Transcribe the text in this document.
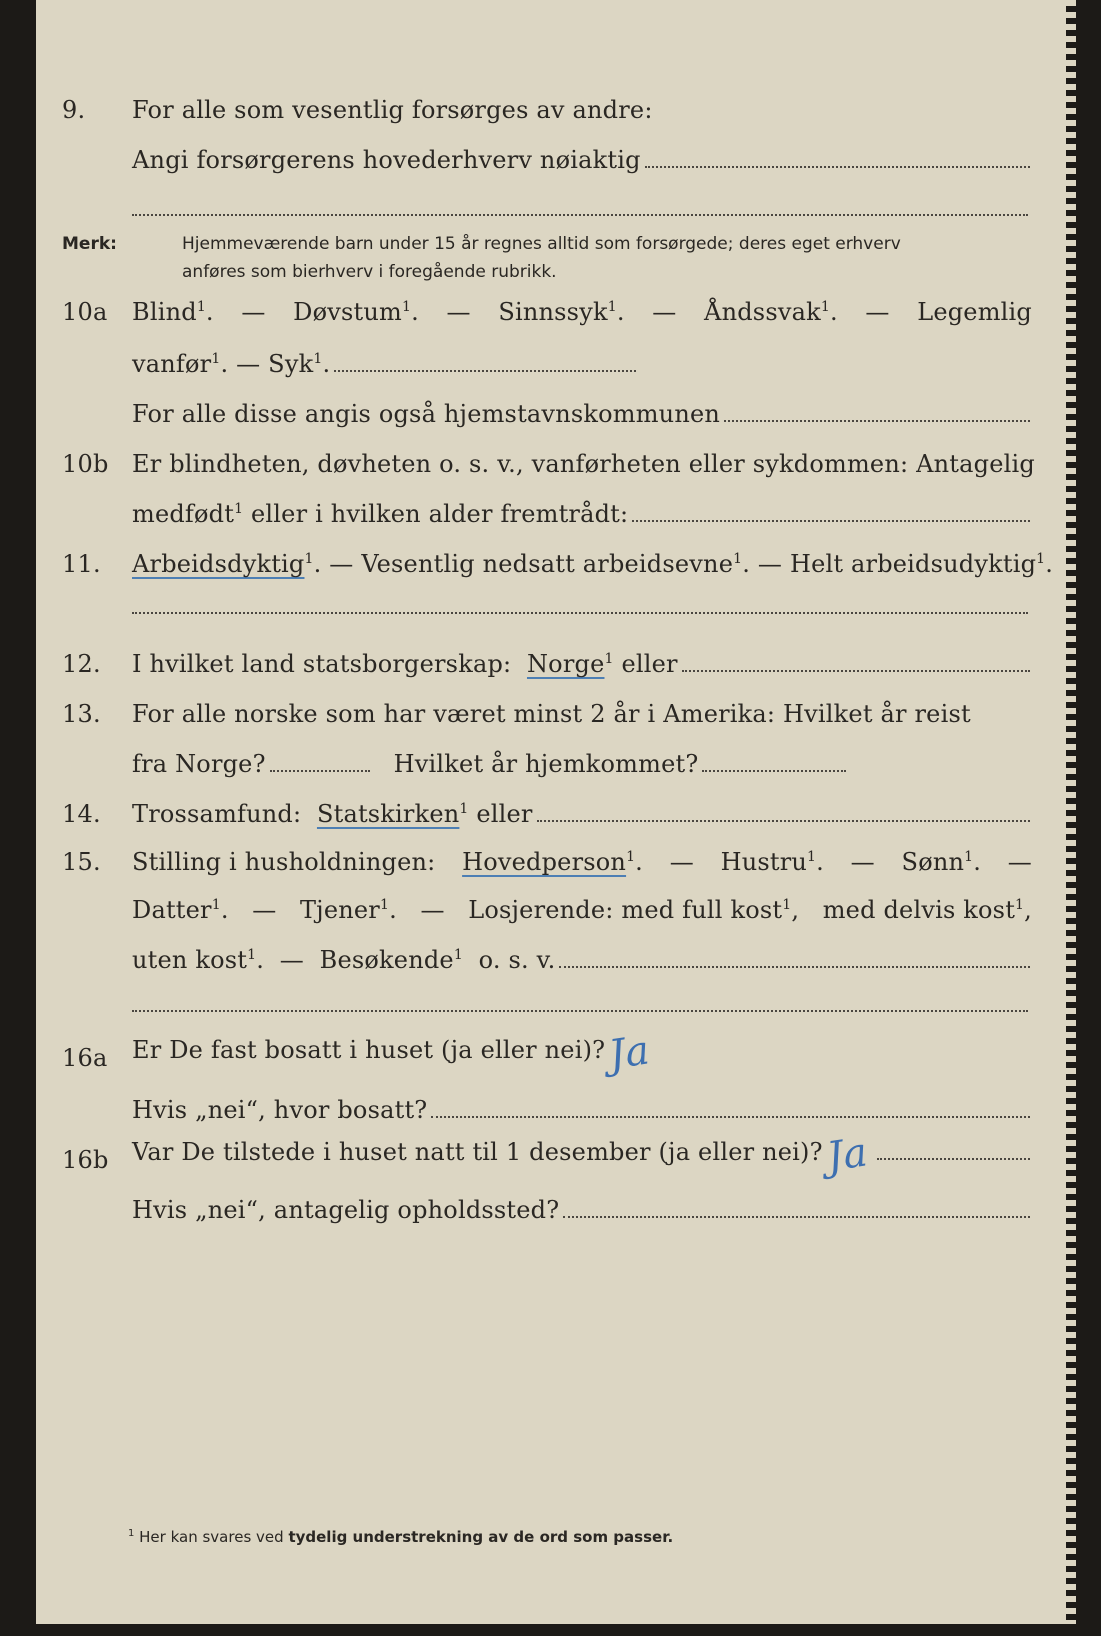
9. For alle som vesentlig forsørges av andre:
Angi forsørgerens hovederhverv nøiaktig
Merk:	Hjemmeværende barn under 15 år regnes alltid som forsørgede; deres eget erhverv
anføres som bierhverv i foregående rubrikk.
10a Blind$^1$. — Døvstum$^1$. — Sinnssyk$^1$. — Åndssvak$^1$. — Legemlig
vanfør$^1$. — Syk$^1$.
For alle disse angis også hjemstavnskommunen
10b Er blindheten, døvheten o. s. v., vanførheten eller sykdommen: Antagelig
medfødt$^1$ eller i hvilken alder fremtrådt:
11. Arbeidsdyktig$^1$. — Vesentlig nedsatt arbeidsevne$^1$. — Helt arbeidsudyktig$^1$.
12. I hvilket land statsborgerskap: Norge$^1$ eller
13. For alle norske som har været minst 2 år i Amerika: Hvilket år reist
fra Norge?	Hvilket år hjemkommet?
14. Trossamfund: Statskirken$^1$ eller
15. Stilling i husholdningen: Hovedperson$^1$. — Hustru$^1$. — Sønn$^1$. —
Datter$^1$. — Tjener$^1$. — Losjerende: med full kost$^1$, med delvis kost$^1$,
uten kost$^1$. — Besøkende$^1$ o. s. v.
16a Er De fast bosatt i huset (ja eller nei)? Ja
Hvis „nei“, hvor bosatt?
16b Var De tilstede i huset natt til 1 desember (ja eller nei)? Ja
Hvis „nei“, antagelig opholdssted?
$^1$ Her kan svares ved tydelig understrekning av de ord som passer.
